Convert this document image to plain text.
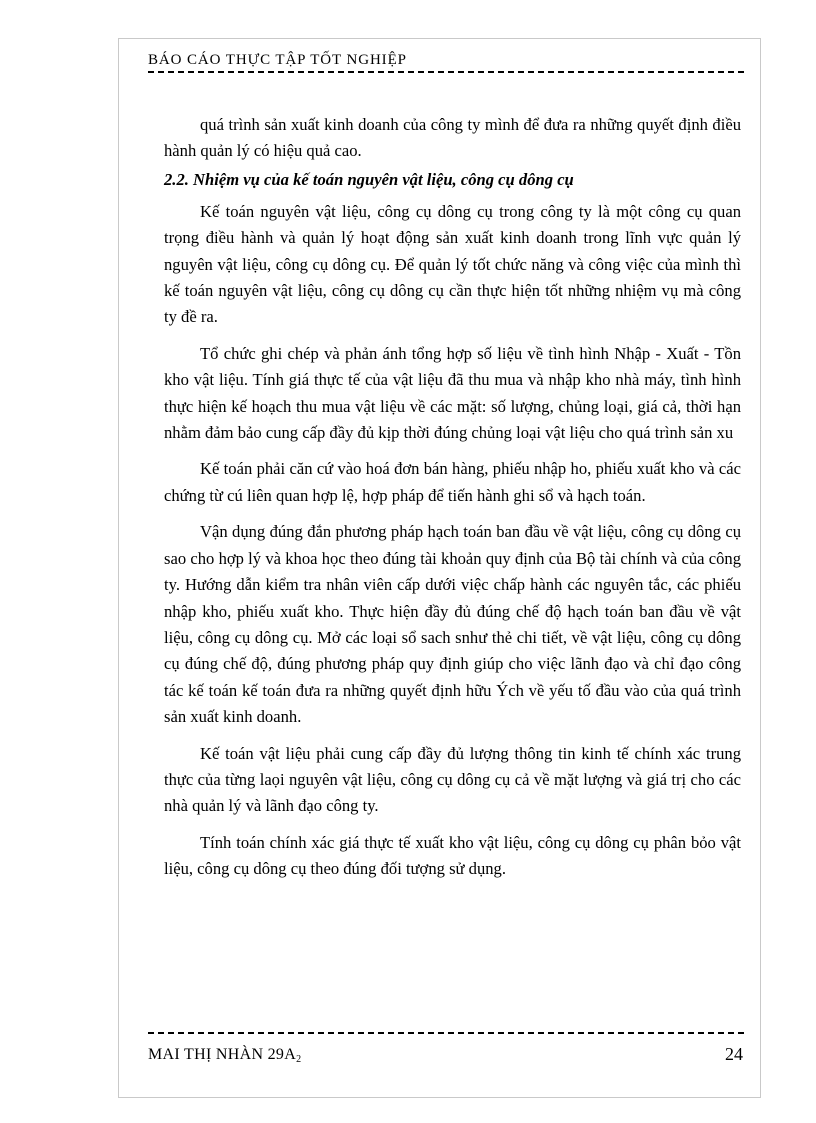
BÁO CÁO THỰC TẬP TỐT NGHIỆP

quá trình sản xuất kinh doanh của công ty mình để đưa ra những quyết định điều hành quản lý có hiệu quả cao.

2.2. Nhiệm vụ của kế toán nguyên vật liệu, công cụ dông cụ

Kế toán nguyên vật liệu, công cụ dông cụ trong công ty là một công cụ quan trọng điều hành và quản lý hoạt động sản xuất kinh doanh trong lĩnh vực quản lý nguyên vật liệu, công cụ dông cụ. Để quản lý tốt chức năng và công việc của mình thì kế toán nguyên vật liệu, công cụ dông cụ cần thực hiện tốt những nhiệm vụ mà công ty đề ra.

Tổ chức ghi chép và phản ánh tổng hợp số liệu về tình hình Nhập - Xuất - Tồn kho vật liệu. Tính giá thực tế của vật liệu đã thu mua và nhập kho nhà máy, tình hình thực hiện kế hoạch thu mua vật liệu về các mặt: số lượng, chủng loại, giá cả, thời hạn nhằm đảm bảo cung cấp đầy đủ kịp thời đúng chủng loại vật liệu cho quá trình sản xu

Kế toán phải căn cứ vào hoá đơn bán hàng, phiếu nhập ho, phiếu xuất kho và các chứng từ cú liên quan hợp lệ, hợp pháp để tiến hành ghi sổ và hạch toán.

Vận dụng đúng đắn phương pháp hạch toán ban đầu về vật liệu, công cụ dông cụ sao cho hợp lý và khoa học theo đúng tài khoản quy định của Bộ tài chính và của công ty. Hướng dẫn kiểm tra nhân viên cấp dưới việc chấp hành các nguyên tắc, các phiếu nhập kho, phiếu xuất kho. Thực hiện đầy đủ đúng chế độ hạch toán ban đầu về vật liệu, công cụ dông cụ. Mở các loại sổ sach snhư thẻ chi tiết, về vật liệu, công cụ dông cụ đúng chế độ, đúng phương pháp quy định giúp cho việc lãnh đạo và chỉ đạo công tác kế toán kế toán đưa ra những quyết định hữu Ých về yếu tố đầu vào của quá trình sản xuất kinh doanh.

Kế toán vật liệu phải cung cấp đầy đủ lượng thông tin kinh tế chính xác trung thực của từng laọi nguyên vật liệu, công cụ dông cụ cả về mặt lượng và giá trị cho các nhà quản lý và lãnh đạo công ty.

Tính toán chính xác giá thực tế xuất kho vật liệu, công cụ dông cụ phân bỏo vật liệu, công cụ dông cụ theo đúng đối tượng sử dụng.

MAI THỊ NHÀN $29A_2$	24
